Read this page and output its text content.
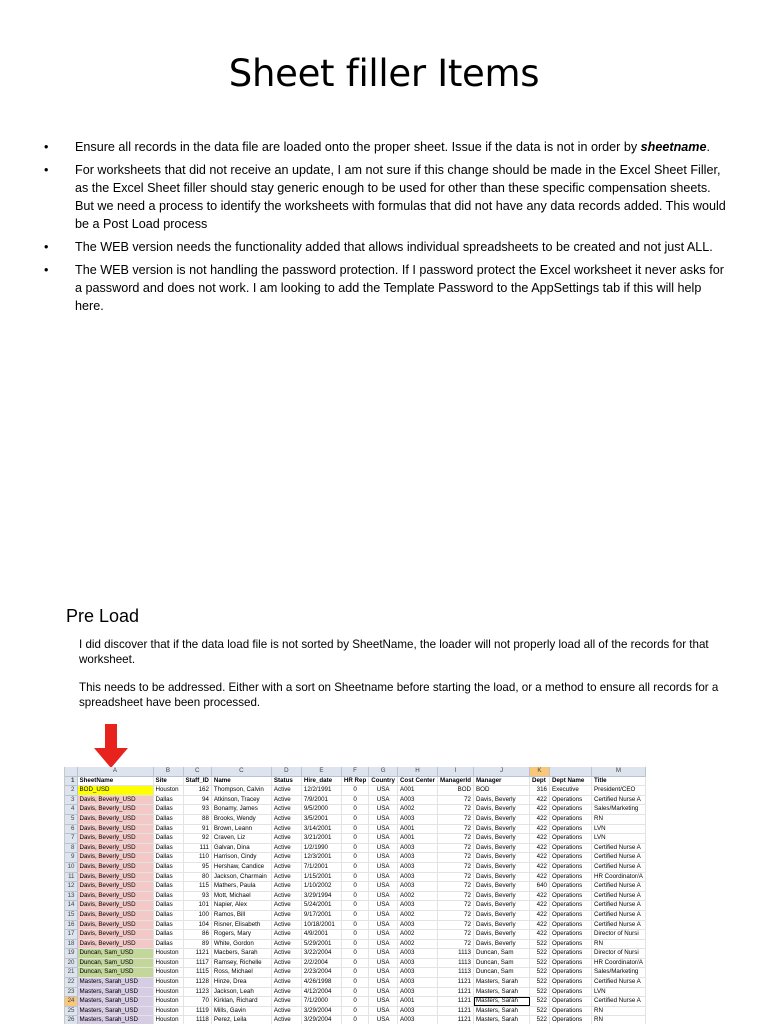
Sheet filler Items
• Ensure all records in the data file are loaded onto the proper sheet. Issue if the data is not in order by sheetname.
• For worksheets that did not receive an update, I am not sure if this change should be made in the Excel Sheet Filler, as the Excel Sheet filler should stay generic enough to be used for other than these specific compensation sheets. But we need a process to identify the worksheets with formulas that did not have any data records added. This would be a Post Load process
• The WEB version needs the functionality added that allows individual spreadsheets to be created and not just ALL.
• The WEB version is not handling the password protection. If I password protect the Excel worksheet it never asks for a password and does not work. I am looking to add the Template Password to the AppSettings tab if this will help here.
Pre Load
I did discover that if the data load file is not sorted by SheetName, the loader will not properly load all of the records for that worksheet.
This needs to be addressed. Either with a sort on Sheetname before starting the load, or a method to ensure all records for a spreadsheet have been processed.
	A	B	C	C	D	E	F	G	H	I	J	K		M
1	SheetName	Site	Staff_ID	Name	Status	Hire_date	HR Rep	Country	Cost Center	ManagerId	Manager	Dept	Dept Name	Title
2	BOD_USD	Houston	162	Thompson, Calvin	Active	12/2/1991	0	USA	A001	BOD	BOD	316	Executive	President/CEO
3	Davis, Beverly_USD	Dallas	94	Atkinson, Tracey	Active	7/9/2001	0	USA	A003	72	Davis, Beverly	422	Operations	Certified Nurse A
4	Davis, Beverly_USD	Dallas	93	Bonamy, James	Active	9/5/2000	0	USA	A002	72	Davis, Beverly	422	Operations	Sales/Marketing
5	Davis, Beverly_USD	Dallas	88	Brooks, Wendy	Active	3/5/2001	0	USA	A003	72	Davis, Beverly	422	Operations	RN
6	Davis, Beverly_USD	Dallas	91	Brown, Leann	Active	3/14/2001	0	USA	A001	72	Davis, Beverly	422	Operations	LVN
7	Davis, Beverly_USD	Dallas	92	Craven, Liz	Active	3/21/2001	0	USA	A001	72	Davis, Beverly	422	Operations	LVN
8	Davis, Beverly_USD	Dallas	111	Galvan, Dina	Active	1/2/1990	0	USA	A003	72	Davis, Beverly	422	Operations	Certified Nurse A
9	Davis, Beverly_USD	Dallas	110	Harrison, Cindy	Active	12/3/2001	0	USA	A003	72	Davis, Beverly	422	Operations	Certified Nurse A
10	Davis, Beverly_USD	Dallas	95	Hershaw, Candice	Active	7/1/2001	0	USA	A003	72	Davis, Beverly	422	Operations	Certified Nurse A
11	Davis, Beverly_USD	Dallas	80	Jackson, Charmain	Active	1/15/2001	0	USA	A003	72	Davis, Beverly	422	Operations	HR Coordinator/A
12	Davis, Beverly_USD	Dallas	115	Mathers, Paula	Active	1/10/2002	0	USA	A003	72	Davis, Beverly	640	Operations	Certified Nurse A
13	Davis, Beverly_USD	Dallas	93	Mott, Michael	Active	3/29/1994	0	USA	A002	72	Davis, Beverly	422	Operations	Certified Nurse A
14	Davis, Beverly_USD	Dallas	101	Napier, Alex	Active	5/24/2001	0	USA	A003	72	Davis, Beverly	422	Operations	Certified Nurse A
15	Davis, Beverly_USD	Dallas	100	Ramos, Bill	Active	9/17/2001	0	USA	A002	72	Davis, Beverly	422	Operations	Certified Nurse A
16	Davis, Beverly_USD	Dallas	104	Risner, Elisabeth	Active	10/18/2001	0	USA	A003	72	Davis, Beverly	422	Operations	Certified Nurse A
17	Davis, Beverly_USD	Dallas	86	Rogers, Mary	Active	4/9/2001	0	USA	A002	72	Davis, Beverly	422	Operations	Director of Nursi
18	Davis, Beverly_USD	Dallas	89	White, Gordon	Active	5/29/2001	0	USA	A002	72	Davis, Beverly	522	Operations	RN
19	Duncan, Sam_USD	Houston	1121	Macbers, Sarah	Active	3/22/2004	0	USA	A003	1113	Duncan, Sam	522	Operations	Director of Nursi
20	Duncan, Sam_USD	Houston	1117	Ramsey, Richelle	Active	2/2/2004	0	USA	A003	1113	Duncan, Sam	522	Operations	HR Coordinator/A
21	Duncan, Sam_USD	Houston	1115	Ross, Michael	Active	2/23/2004	0	USA	A003	1113	Duncan, Sam	522	Operations	Sales/Marketing
22	Masters, Sarah_USD	Houston	1128	Hinze, Drea	Active	4/26/1998	0	USA	A003	1121	Masters, Sarah	522	Operations	Certified Nurse A
23	Masters, Sarah_USD	Houston	1123	Jackson, Leah	Active	4/12/2004	0	USA	A003	1121	Masters, Sarah	522	Operations	LVN
24	Masters, Sarah_USD	Houston	70	Kirklan, Richard	Active	7/1/2000	0	USA	A001	1121	Masters, Sarah	522	Operations	Certified Nurse A
25	Masters, Sarah_USD	Houston	1119	Mills, Gavin	Active	3/29/2004	0	USA	A003	1121	Masters, Sarah	522	Operations	RN
26	Masters, Sarah_USD	Houston	1118	Perez, Leila	Active	3/29/2004	0	USA	A003	1121	Masters, Sarah	522	Operations	RN
